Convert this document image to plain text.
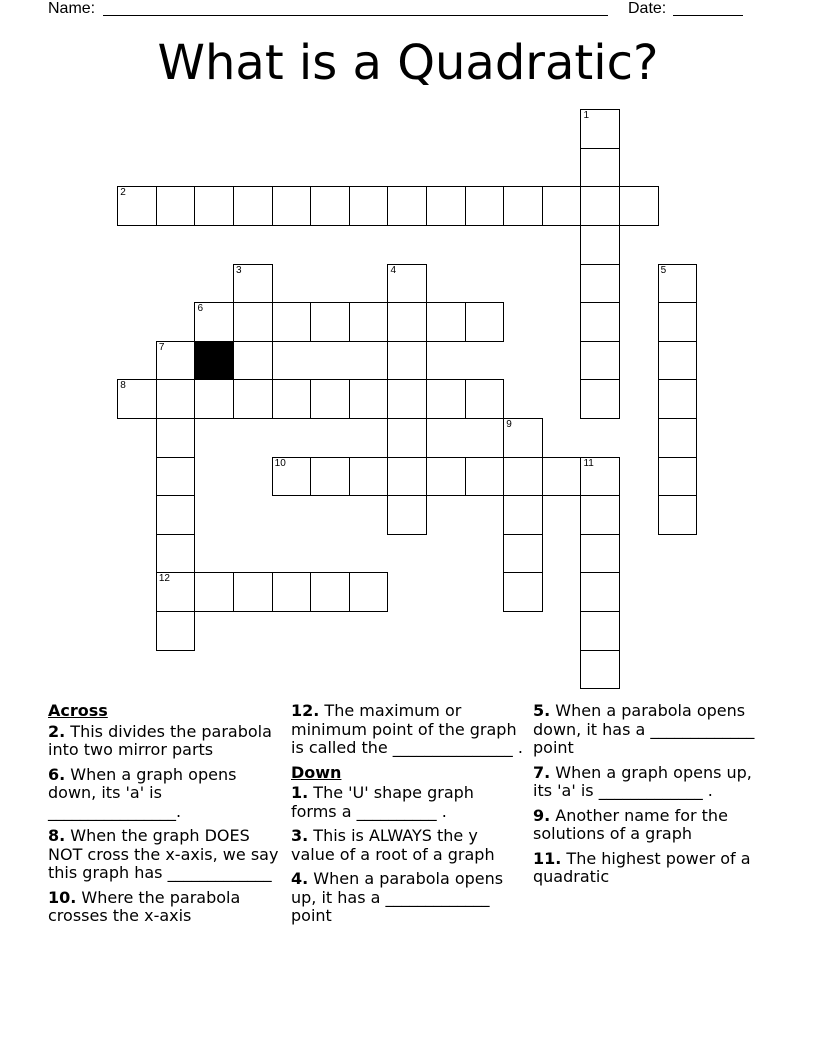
Name:	Date:
What is a Quadratic?
1
2
3	4	5
6
7
12
8
9
10	11
Across
2. This divides the parabola into two mirror parts
6. When a graph opens down, its 'a' is ________________.
8. When the graph DOES NOT cross the x-axis, we say this graph has _____________
10. Where the parabola crosses the x-axis
12. The maximum or minimum point of the graph is called the _______________ .
Down
1. The 'U' shape graph forms a __________ .
3. This is ALWAYS the y value of a root of a graph
4. When a parabola opens up, it has a _____________ point
5. When a parabola opens down, it has a _____________ point
7. When a graph opens up, its 'a' is _____________ .
9. Another name for the solutions of a graph
11. The highest power of a quadratic
